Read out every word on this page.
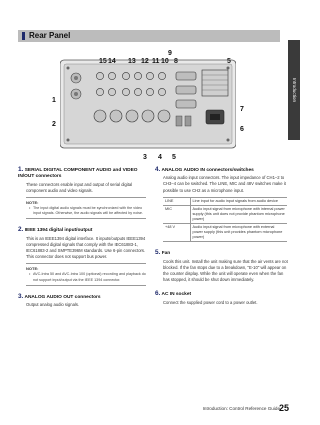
Introduction
Rear Panel
15 14 13 12 11 10
9
8	5
1
2
7
6
3 4 5
1. SERIAL DIGITAL COMPONENT AUDIO and VIDEO IN/OUT connectors
These connectors enable input and output of serial digital component audio and video signals.
NOTE:
• The input digital audio signals must be synchronized with the video input signals. Otherwise, the audio signals will be affected by noise.
2. IEEE 1394 digital input/output
This is an IEEE1394 digital interface. It inputs/outputs IEEE1394 compressed digital signals that comply with the IEC61883-1, IEC61883-2 and SMPTE396M standards. Use 6-pin connectors. This connector does not support bus power.
NOTE:
• AVC-Intra 50 and AVC-Intra 100 (optional) recording and playback do not support input/output via the IEEE 1394 connector.
3. ANALOG AUDIO OUT connectors
Output analog audio signals.
4. ANALOG AUDIO IN connectors/switches
Analog audio input connectors. The input impedance of CH1–2 to CH3–4 can be switched. The LINE, MIC and 48V switches make it possible to use CH2 as a microphone input.
LINE	Line input for audio input signals from audio device
MIC	Audio input signal from microphone with internal power supply (this unit does not provide phantom microphone power)
+48 V	Audio input signal from microphone with external power supply (this unit provides phantom microphone power)
5. Fan
Cools this unit. Install the unit making sure that the air vents are not blocked. If the fan stops due to a breakdown, "E-10" will appear on the counter display. While the unit will operate even when the fan has stopped, it should be shut down immediately.
6. AC IN socket
Connect the supplied power cord to a power outlet.
Introduction: Control Reference Guide 25
